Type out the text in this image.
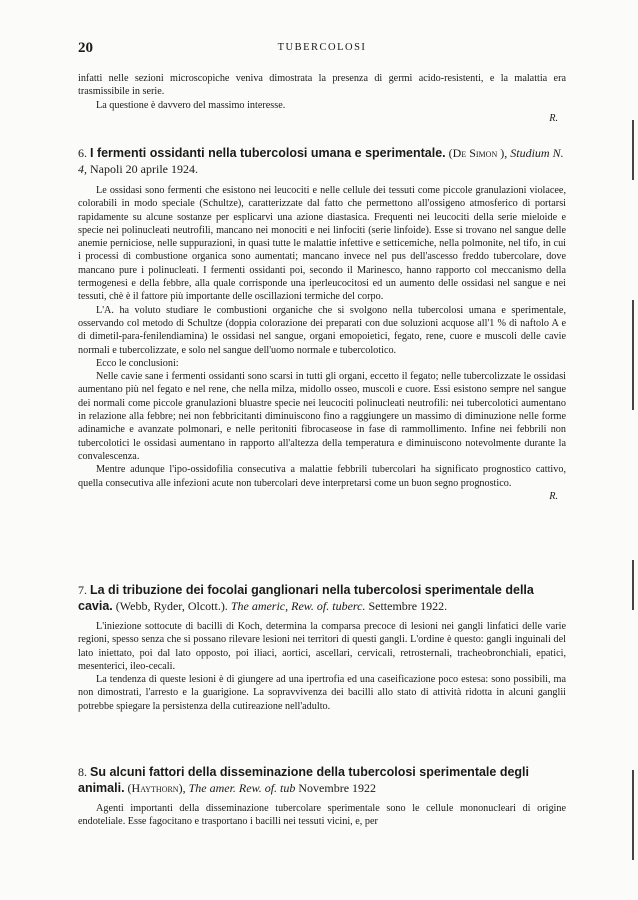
20	TUBERCOLOSI

infatti nelle sezioni microscopiche veniva dimostrata la presenza di germi acido-resistenti, e la malattia era trasmissibile in serie.

La questione è davvero del massimo interesse.

R.

6. I fermenti ossidanti nella tubercolosi umana e sperimentale. (De Simon ), Studium N. 4, Napoli 20 aprile 1924.

Le ossidasi sono fermenti che esistono nei leucociti e nelle cellule dei tessuti come piccole granulazioni violacee, colorabili in modo speciale (Schultze), caratterizzate dal fatto che permettono all'ossigeno atmosferico di portarsi rapidamente su alcune sostanze per esplicarvi una azione diastasica. Frequenti nei leucociti della serie mieloide e specie nei polinucleati neutrofili, mancano nei monociti e nei linfociti (serie linfoide). Esse si trovano nel sangue delle anemie perniciose, nelle suppurazioni, in quasi tutte le malattie infettive e setticemiche, nella polmonite, nel tifo, in cui i processi di combustione organica sono aumentati; mancano invece nel pus dell'ascesso freddo tubercolare, dove mancano pure i polinucleati. I fermenti ossidanti poi, secondo il Marinesco, hanno rapporto col meccanismo della termogenesi e della febbre, alla quale corrisponde una iperleucocitosi ed un aumento delle ossidasi nel sangue e nei tessuti, chè è il fattore più importante delle oscillazioni termiche del corpo.

L'A. ha voluto studiare le combustioni organiche che si svolgono nella tubercolosi umana e sperimentale, osservando col metodo di Schultze (doppia colorazione dei preparati con due soluzioni acquose all'1 % di naftolo A e di dimetil-para-fenilendiamina) le ossidasi nel sangue, organi emopoietici, fegato, rene, cuore e muscoli delle cavie normali e tubercolizzate, e solo nel sangue dell'uomo normale e tubercolotico.

Ecco le conclusioni:

Nelle cavie sane i fermenti ossidanti sono scarsi in tutti gli organi, eccetto il fegato; nelle tubercolizzate le ossidasi aumentano più nel fegato e nel rene, che nella milza, midollo osseo, muscoli e cuore. Essi esistono sempre nel sangue dei normali come piccole granulazioni bluastre specie nei leucociti polinucleati neutrofili: nei tubercolotici aumentano in relazione alla febbre; nei non febbricitanti diminuiscono fino a raggiungere un massimo di diminuzione nelle forme adinamiche e avanzate polmonari, e nelle peritoniti fibrocaseose in fase di rammollimento. Infine nei febbrili non tubercolotici le ossidasi aumentano in rapporto all'altezza della temperatura e diminuiscono notevolmente durante la convalescenza.

Mentre adunque l'ipo-ossidofilia consecutiva a malattie febbrili tubercolari ha significato prognostico cattivo, quella consecutiva alle infezioni acute non tubercolari deve interpretarsi come un buon segno prognostico.

R.

7. La di tribuzione dei focolai ganglionari nella tubercolosi sperimentale della cavia. (Webb, Ryder, Olcott.). The americ, Rew. of. tuberc. Settembre 1922.

L'iniezione sottocute di bacilli di Koch, determina la comparsa precoce di lesioni nei gangli linfatici delle varie regioni, spesso senza che si possano rilevare lesioni nei territori di questi gangli. L'ordine è questo: gangli inguinali del lato iniettato, poi dal lato opposto, poi iliaci, aortici, ascellari, cervicali, retrosternali, tracheobronchiali, epatici, mesenterici, ileo-cecali.

La tendenza di queste lesioni è di giungere ad una ipertrofia ed una caseificazione poco estesa: sono possibili, ma non dimostrati, l'arresto e la guarigione. La sopravvivenza dei bacilli allo stato di attività ridotta in alcuni ganglii potrebbe spiegare la persistenza della cutireazione nell'adulto.

8. Su alcuni fattori della disseminazione della tubercolosi sperimentale degli animali. (Haythorn), The amer. Rew. of. tub Novembre 1922

Agenti importanti della disseminazione tubercolare sperimentale sono le cellule mononucleari di origine endoteliale. Esse fagocitano e trasportano i bacilli nei tessuti vicini, e, per
